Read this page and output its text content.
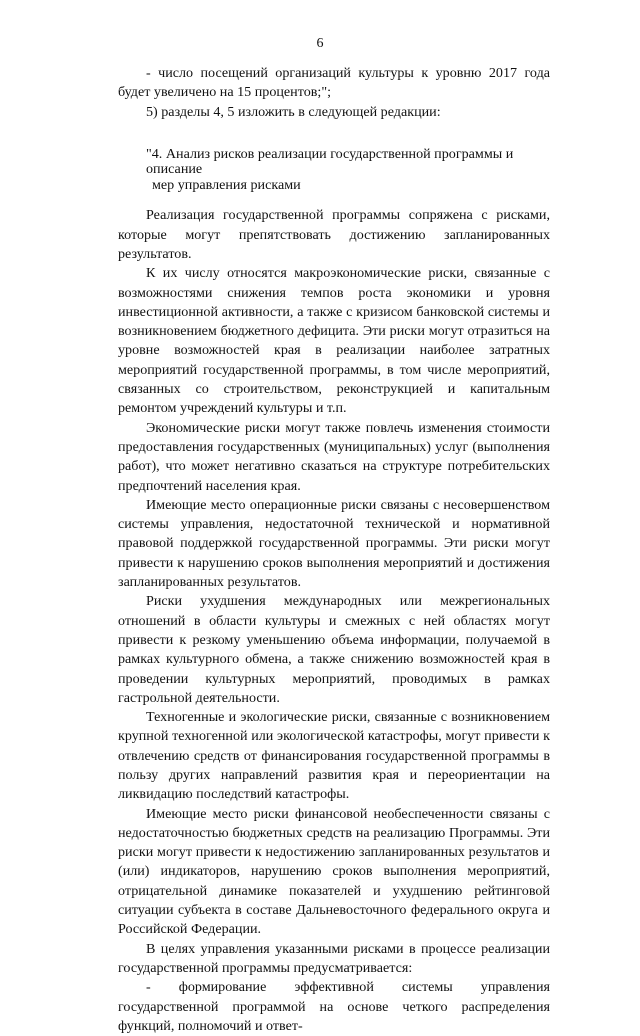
6

- число посещений организаций культуры к уровню 2017 года будет увеличено на 15 процентов;";

5) разделы 4, 5 изложить в следующей редакции:

"4. Анализ рисков реализации государственной программы и описание
мер управления рисками

Реализация государственной программы сопряжена с рисками, которые могут препятствовать достижению запланированных результатов.

К их числу относятся макроэкономические риски, связанные с возможностями снижения темпов роста экономики и уровня инвестиционной активности, а также с кризисом банковской системы и возникновением бюджетного дефицита. Эти риски могут отразиться на уровне возможностей края в реализации наиболее затратных мероприятий государственной программы, в том числе мероприятий, связанных со строительством, реконструкцией и капитальным ремонтом учреждений культуры и т.п.

Экономические риски могут также повлечь изменения стоимости предоставления государственных (муниципальных) услуг (выполнения работ), что может негативно сказаться на структуре потребительских предпочтений населения края.

Имеющие место операционные риски связаны с несовершенством системы управления, недостаточной технической и нормативной правовой поддержкой государственной программы. Эти риски могут привести к нарушению сроков выполнения мероприятий и достижения запланированных результатов.

Риски ухудшения международных или межрегиональных отношений в области культуры и смежных с ней областях могут привести к резкому уменьшению объема информации, получаемой в рамках культурного обмена, а также снижению возможностей края в проведении культурных мероприятий, проводимых в рамках гастрольной деятельности.

Техногенные и экологические риски, связанные с возникновением крупной техногенной или экологической катастрофы, могут привести к отвлечению средств от финансирования государственной программы в пользу других направлений развития края и переориентации на ликвидацию последствий катастрофы.

Имеющие место риски финансовой необеспеченности связаны с недостаточностью бюджетных средств на реализацию Программы. Эти риски могут привести к недостижению запланированных результатов и (или) индикаторов, нарушению сроков выполнения мероприятий, отрицательной динамике показателей и ухудшению рейтинговой ситуации субъекта в составе Дальневосточного федерального округа и Российской Федерации.

В целях управления указанными рисками в процессе реализации государственной программы предусматривается:

- формирование эффективной системы управления государственной программой на основе четкого распределения функций, полномочий и ответ-
